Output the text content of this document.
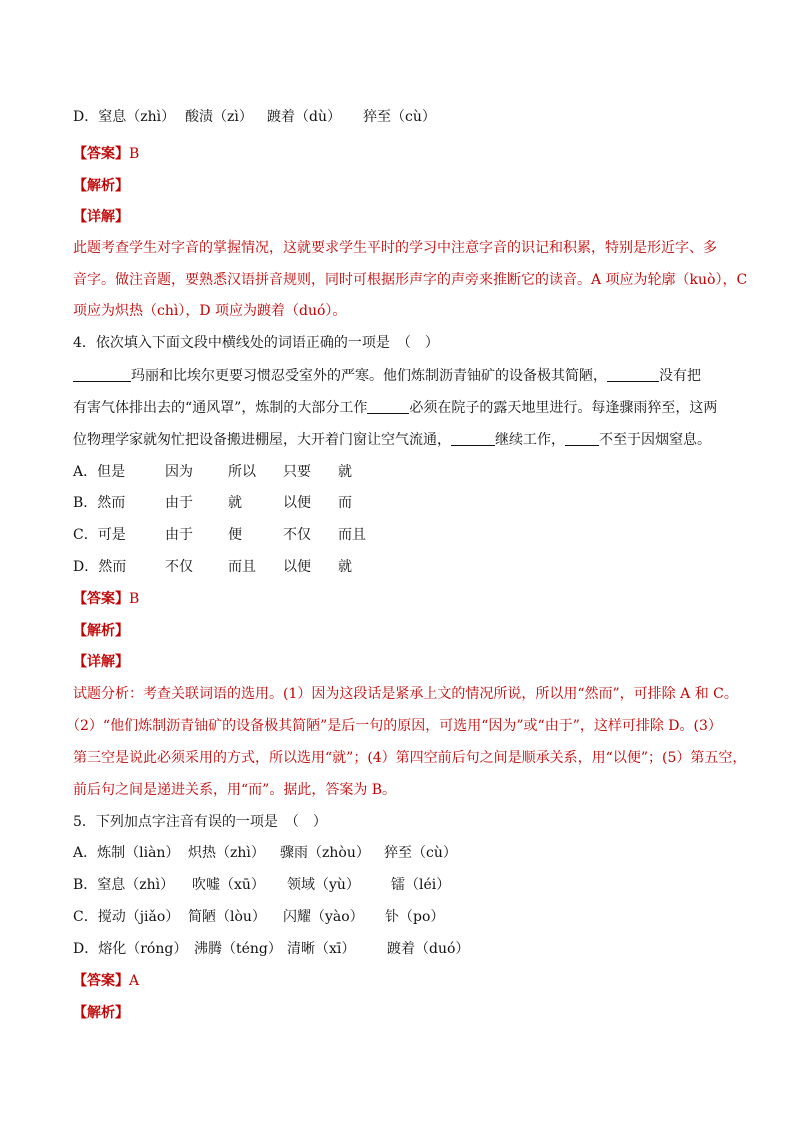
D．窒息（zhì） 酸渍（zì） 踱着（dù） 猝至（cù）
【答案】B
【解析】
【详解】
此题考查学生对字音的掌握情况，这就要求学生平时的学习中注意字音的识记和积累，特别是形近字、多
音字。做注音题，要熟悉汉语拼音规则，同时可根据形声字的声旁来推断它的读音。A 项应为轮廓（kuò），C
项应为炽热（chì），D 项应为踱着（duó）。
4．依次填入下面文段中横线处的词语正确的一项是　（　）
玛丽和比埃尔更要习惯忍受室外的严寒。他们炼制沥青铀矿的设备极其简陋，	没有把
有害气体排出去的“通风罩”，炼制的大部分工作	必须在院子的露天地里进行。每逢骤雨猝至，这两
位物理学家就匆忙把设备搬进棚屋，大开着门窗让空气流通，	继续工作， 不至于因烟窒息。
A．但是	因为	所以 只要 就
B．然而	由于	就	以便 而
C．可是	由于	便	不仅 而且
D．然而	不仅	而且 以便 就
【答案】B
【解析】
【详解】
试题分析：考查关联词语的选用。(1）因为这段话是紧承上文的情况所说，所以用“然而”，可排除 A 和 C。
（2）“他们炼制沥青铀矿的设备极其简陋”是后一句的原因，可选用“因为”或“由于”，这样可排除 D。(3）
第三空是说此必须采用的方式，所以选用“就”；(4）第四空前后句之间是顺承关系，用“以便”；(5）第五空，
前后句之间是递进关系，用“而”。据此，答案为 B。
5．下列加点字注音有误的一项是　（　）
A．炼制（liàn） 炽热（zhì） 骤雨（zhòu） 猝至（cù）
B．窒息（zhì） 吹嘘（xū） 领域（yù） 镭（léi）
C．搅动（jiǎo） 简陋（lòu） 闪耀（yào） 钋（po）
D．熔化（róng） 沸腾（téng） 清晰（xī） 踱着（duó）
【答案】A
【解析】
